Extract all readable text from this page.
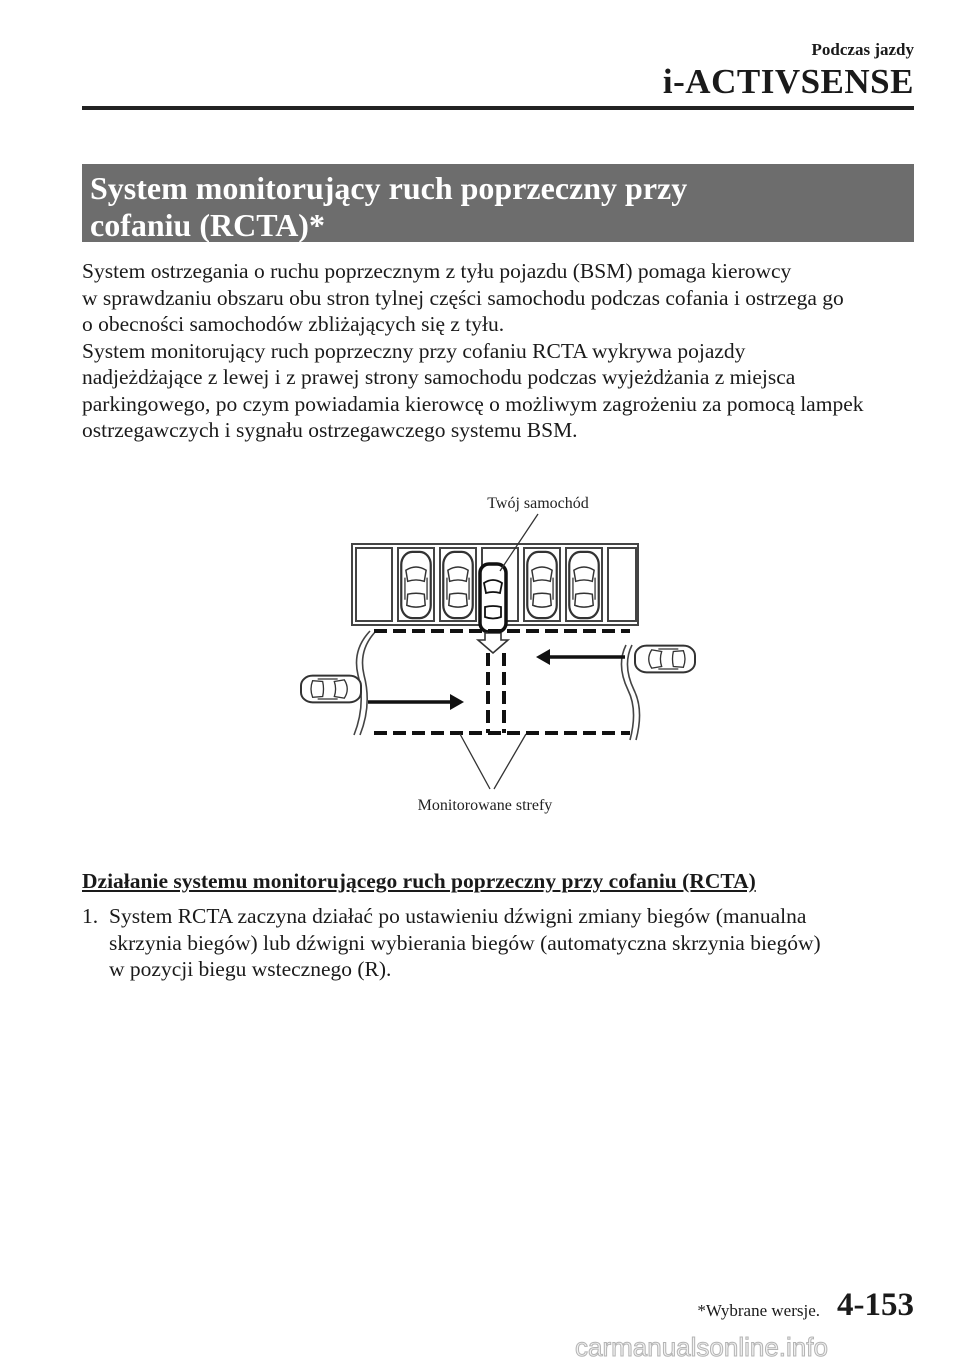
Podczas jazdy
i-ACTIVSENSE
System monitorujący ruch poprzeczny przy
cofaniu (RCTA)*

System ostrzegania o ruchu poprzecznym z tyłu pojazdu (BSM) pomaga kierowcy

w sprawdzaniu obszaru obu stron tylnej części samochodu podczas cofania i ostrzega go

o obecności samochodów zbliżających się z tyłu.

System monitorujący ruch poprzeczny przy cofaniu RCTA wykrywa pojazdy

nadjeżdżające z lewej i z prawej strony samochodu podczas wyjeżdżania z miejsca

parkingowego, po czym powiadamia kierowcę o możliwym zagrożeniu za pomocą lampek

ostrzegawczych i sygnału ostrzegawczego systemu BSM.

Twój samochód
Monitorowane strefy
Działanie systemu monitorującego ruch poprzeczny przy cofaniu (RCTA)
1. System RCTA zaczyna działać po ustawieniu dźwigni zmiany biegów (manualna
skrzynia biegów) lub dźwigni wybierania biegów (automatyczna skrzynia biegów)
w pozycji biegu wstecznego (R).
*Wybrane wersje. 4-153
carmanualsonline.info
